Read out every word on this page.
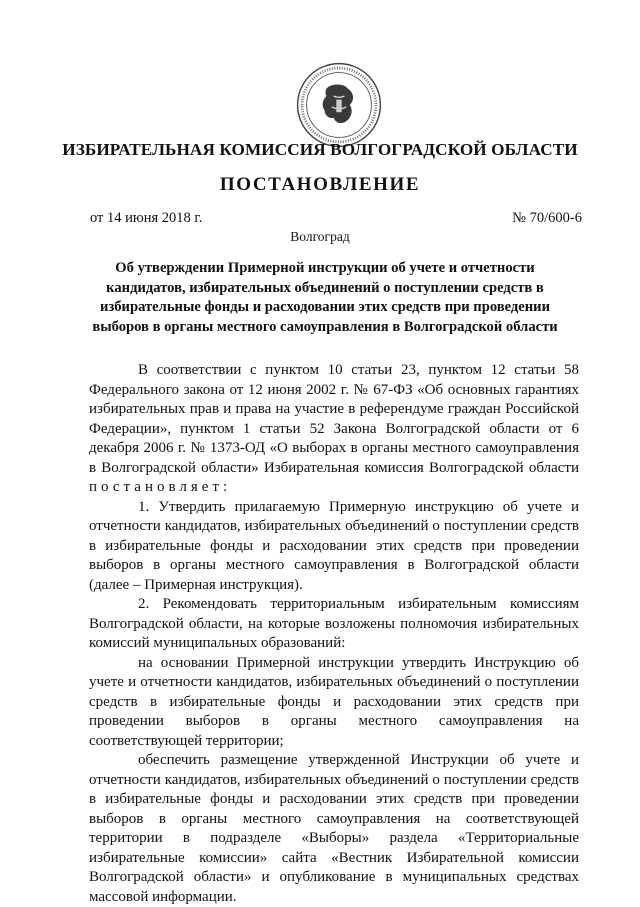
ИЗБИРАТЕЛЬНАЯ КОМИССИЯ ВОЛГОГРАДСКОЙ ОБЛАСТИ
ПОСТАНОВЛЕНИЕ
от 14 июня 2018 г.	№ 70/600-6
Волгоград
Об утверждении Примерной инструкции об учете и отчетности
кандидатов, избирательных объединений о поступлении средств в
избирательные фонды и расходовании этих средств при проведении
выборов в органы местного самоуправления в Волгоградской области

В соответствии с пунктом 10 статьи 23, пунктом 12 статьи 58 Федерального закона от 12 июня 2002 г. № 67-ФЗ «Об основных гарантиях избирательных прав и права на участие в референдуме граждан Российской Федерации», пунктом 1 статьи 52 Закона Волгоградской области от 6 декабря 2006 г. № 1373-ОД «О выборах в органы местного самоуправления в Волгоградской области» Избирательная комиссия Волгоградской области постановляет:

1. Утвердить прилагаемую Примерную инструкцию об учете и отчетности кандидатов, избирательных объединений о поступлении средств в избирательные фонды и расходовании этих средств при проведении выборов в органы местного самоуправления в Волгоградской области (далее – Примерная инструкция).

2. Рекомендовать территориальным избирательным комиссиям Волгоградской области, на которые возложены полномочия избирательных комиссий муниципальных образований:

на основании Примерной инструкции утвердить Инструкцию об учете и отчетности кандидатов, избирательных объединений о поступлении средств в избирательные фонды и расходовании этих средств при проведении выборов в органы местного самоуправления на соответствующей территории;

обеспечить размещение утвержденной Инструкции об учете и отчетности кандидатов, избирательных объединений о поступлении средств в избирательные фонды и расходовании этих средств при проведении выборов в органы местного самоуправления на соответствующей территории в подразделе «Выборы» раздела «Территориальные избирательные комиссии» сайта «Вестник Избирательной комиссии Волгоградской области» и опубликование в муниципальных средствах массовой информации.
